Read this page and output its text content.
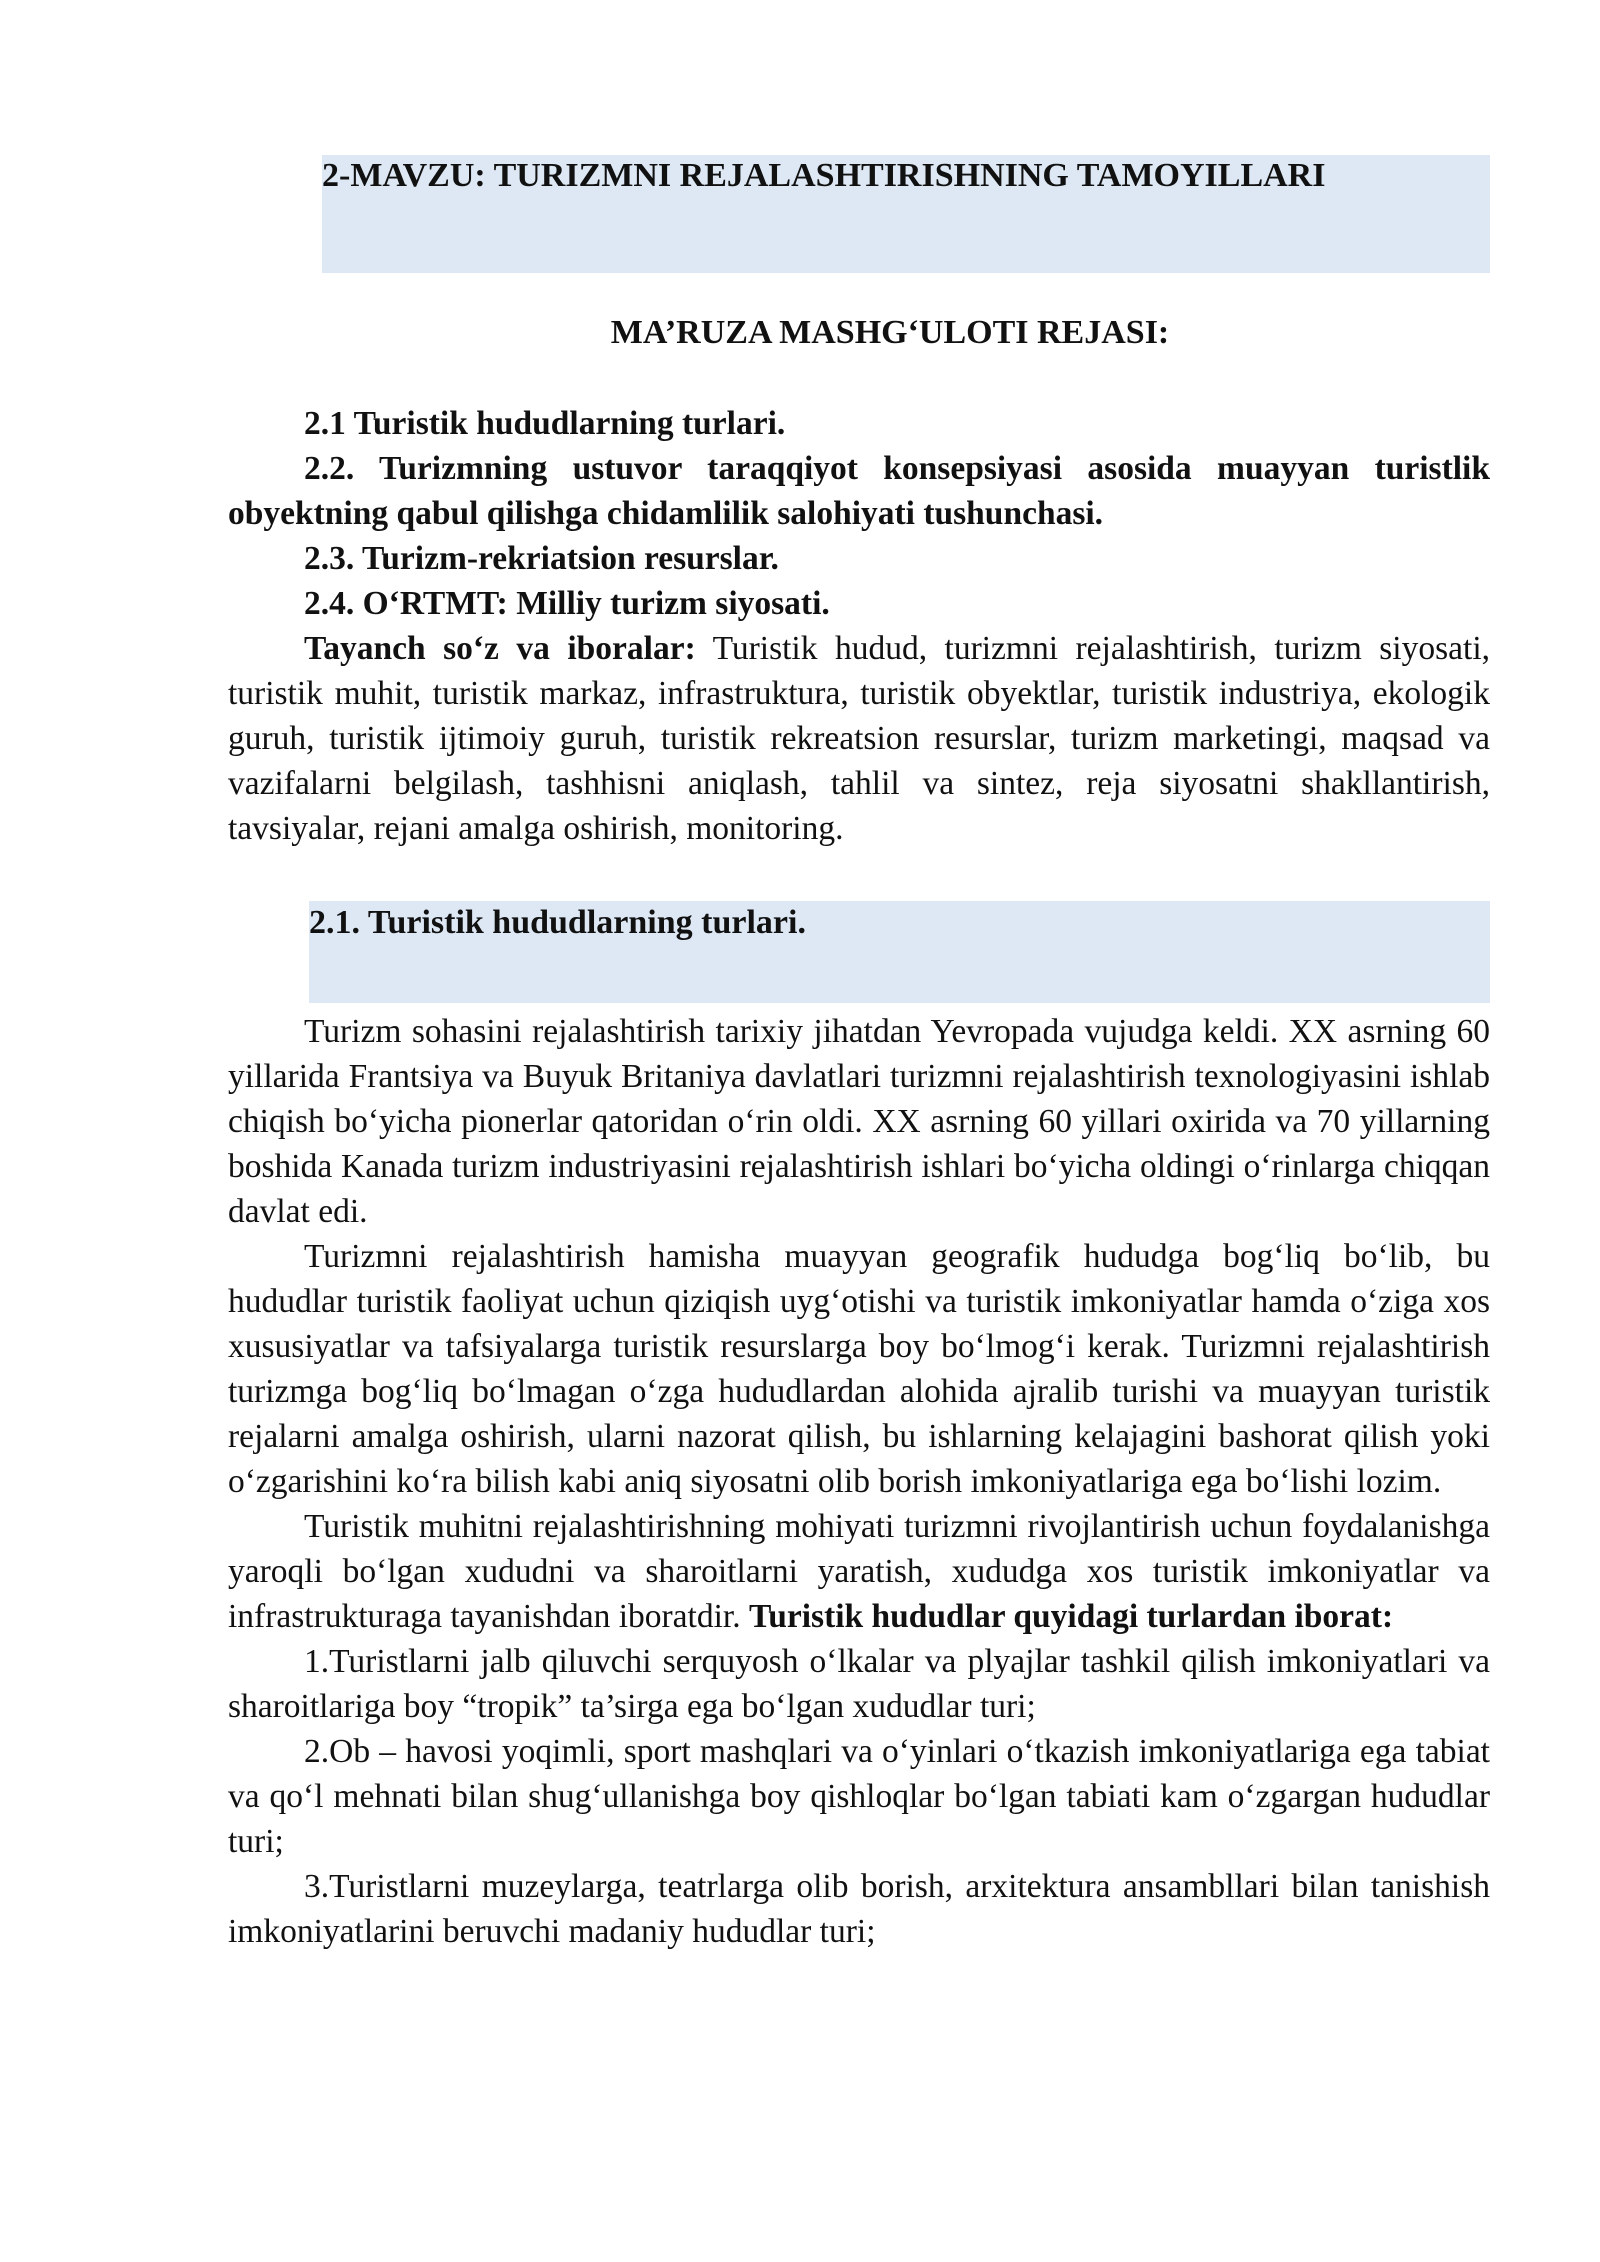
2-MAVZU: TURIZMNI REJALASHTIRISHNING TAMOYILLARI
MA’RUZA MASHG‘ULOTI REJASI:

2.1 Turistik hududlarning turlari.

2.2. Turizmning ustuvor taraqqiyot konsepsiyasi asosida muayyan turistlik obyektning qabul qilishga chidamlilik salohiyati tushunchasi.

2.3. Turizm-rekriatsion resurslar.

2.4. O‘RTMT: Milliy turizm siyosati.

Tayanch so‘z va iboralar: Turistik hudud, turizmni rejalashtirish, turizm siyosati, turistik muhit, turistik markaz, infrastruktura, turistik obyektlar, turistik industriya, ekologik guruh, turistik ijtimoiy guruh, turistik rekreatsion resurslar, turizm marketingi, maqsad va vazifalarni belgilash, tashhisni aniqlash, tahlil va sintez, reja siyosatni shakllantirish, tavsiyalar, rejani amalga oshirish, monitoring.

2.1. Turistik hududlarning turlari.

Turizm sohasini rejalashtirish tarixiy jihatdan Yevropada vujudga keldi. XX asrning 60 yillarida Frantsiya va Buyuk Britaniya davlatlari turizmni rejalashtirish texnologiyasini ishlab chiqish bo‘yicha pionerlar qatoridan o‘rin oldi. XX asrning 60 yillari oxirida va 70 yillarning boshida Kanada turizm industriyasini rejalashtirish ishlari bo‘yicha oldingi o‘rinlarga chiqqan davlat edi.

Turizmni rejalashtirish hamisha muayyan geografik hududga bog‘liq bo‘lib, bu hududlar turistik faoliyat uchun qiziqish uyg‘otishi va turistik imkoniyatlar hamda o‘ziga xos xususiyatlar va tafsiyalarga turistik resurslarga boy bo‘lmog‘i kerak. Turizmni rejalashtirish turizmga bog‘liq bo‘lmagan o‘zga hududlardan alohida ajralib turishi va muayyan turistik rejalarni amalga oshirish, ularni nazorat qilish, bu ishlarning kelajagini bashorat qilish yoki o‘zgarishini ko‘ra bilish kabi aniq siyosatni olib borish imkoniyatlariga ega bo‘lishi lozim.

Turistik muhitni rejalashtirishning mohiyati turizmni rivojlantirish uchun foydalanishga yaroqli bo‘lgan xududni va sharoitlarni yaratish, xududga xos turistik imkoniyatlar va infrastrukturaga tayanishdan iboratdir. Turistik hududlar quyidagi turlardan iborat:

1.Turistlarni jalb qiluvchi serquyosh o‘lkalar va plyajlar tashkil qilish imkoniyatlari va sharoitlariga boy “tropik” ta’sirga ega bo‘lgan xududlar turi;

2.Ob – havosi yoqimli, sport mashqlari va o‘yinlari o‘tkazish imkoniyatlariga ega tabiat va qo‘l mehnati bilan shug‘ullanishga boy qishloqlar bo‘lgan tabiati kam o‘zgargan hududlar turi;

3.Turistlarni muzeylarga, teatrlarga olib borish, arxitektura ansambllari bilan tanishish imkoniyatlarini beruvchi madaniy hududlar turi;
